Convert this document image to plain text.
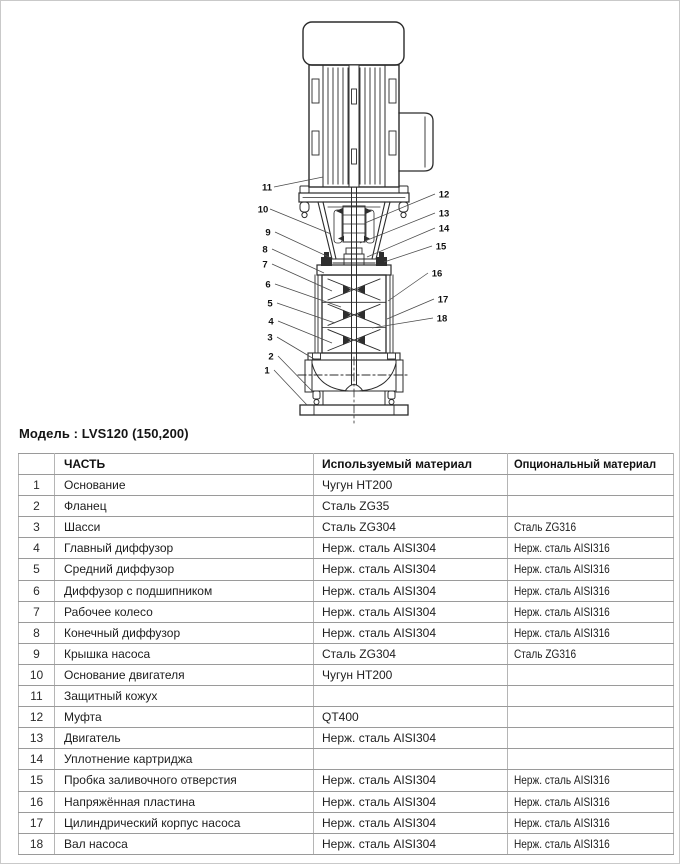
1
2
3
4
5
6
7
8
9
10
11
12
13
14
15
16
17
18
Модель : LVS120 (150,200)
	ЧАСТЬ	Используемый материал	Опциональный материал
1	Основание	Чугун HT200	
2	Фланец	Сталь ZG35	
3	Шасси	Сталь ZG304	Сталь ZG316
4	Главный диффузор	Нерж. сталь AISI304	Нерж. сталь AISI316
5	Средний диффузор	Нерж. сталь AISI304	Нерж. сталь AISI316
6	Диффузор с подшипником	Нерж. сталь AISI304	Нерж. сталь AISI316
7	Рабочее колесо	Нерж. сталь AISI304	Нерж. сталь AISI316
8	Конечный диффузор	Нерж. сталь AISI304	Нерж. сталь AISI316
9	Крышка насоса	Сталь ZG304	Сталь ZG316
10	Основание двигателя	Чугун HT200	
11	Защитный кожух		
12	Муфта	QT400	
13	Двигатель	Нерж. сталь AISI304	
14	Уплотнение картриджа		
15	Пробка заливочного отверстия	Нерж. сталь AISI304	Нерж. сталь AISI316
16	Напряжённая пластина	Нерж. сталь AISI304	Нерж. сталь AISI316
17	Цилиндрический корпус насоса	Нерж. сталь AISI304	Нерж. сталь AISI316
18	Вал насоса	Нерж. сталь AISI304	Нерж. сталь AISI316
